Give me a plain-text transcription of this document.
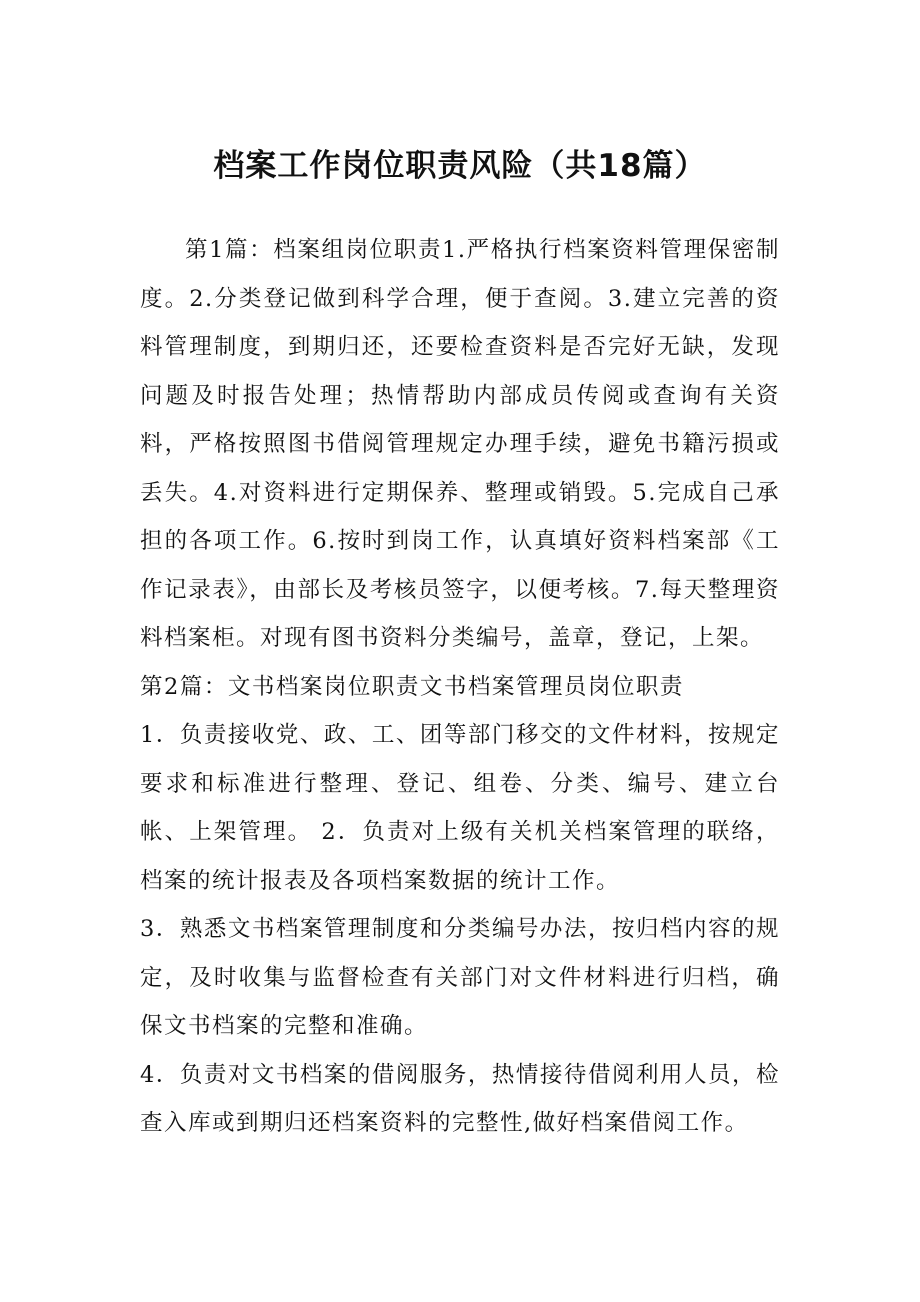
档案工作岗位职责风险（共18篇）

第1篇：档案组岗位职责1.严格执行档案资料管理保密制度。2.分类登记做到科学合理，便于查阅。3.建立完善的资料管理制度，到期归还，还要检查资料是否完好无缺，发现问题及时报告处理；热情帮助内部成员传阅或查询有关资料，严格按照图书借阅管理规定办理手续，避免书籍污损或丢失。4.对资料进行定期保养、整理或销毁。5.完成自己承担的各项工作。6.按时到岗工作，认真填好资料档案部《工作记录表》，由部长及考核员签字，以便考核。7.每天整理资料档案柜。对现有图书资料分类编号，盖章，登记，上架。

第2篇：文书档案岗位职责文书档案管理员岗位职责

1．负责接收党、政、工、团等部门移交的文件材料，按规定要求和标准进行整理、登记、组卷、分类、编号、建立台帐、上架管理。 2．负责对上级有关机关档案管理的联络，档案的统计报表及各项档案数据的统计工作。

3．熟悉文书档案管理制度和分类编号办法，按归档内容的规定，及时收集与监督检查有关部门对文件材料进行归档，确保文书档案的完整和准确。

4．负责对文书档案的借阅服务，热情接待借阅利用人员，检查入库或到期归还档案资料的完整性,做好档案借阅工作。
